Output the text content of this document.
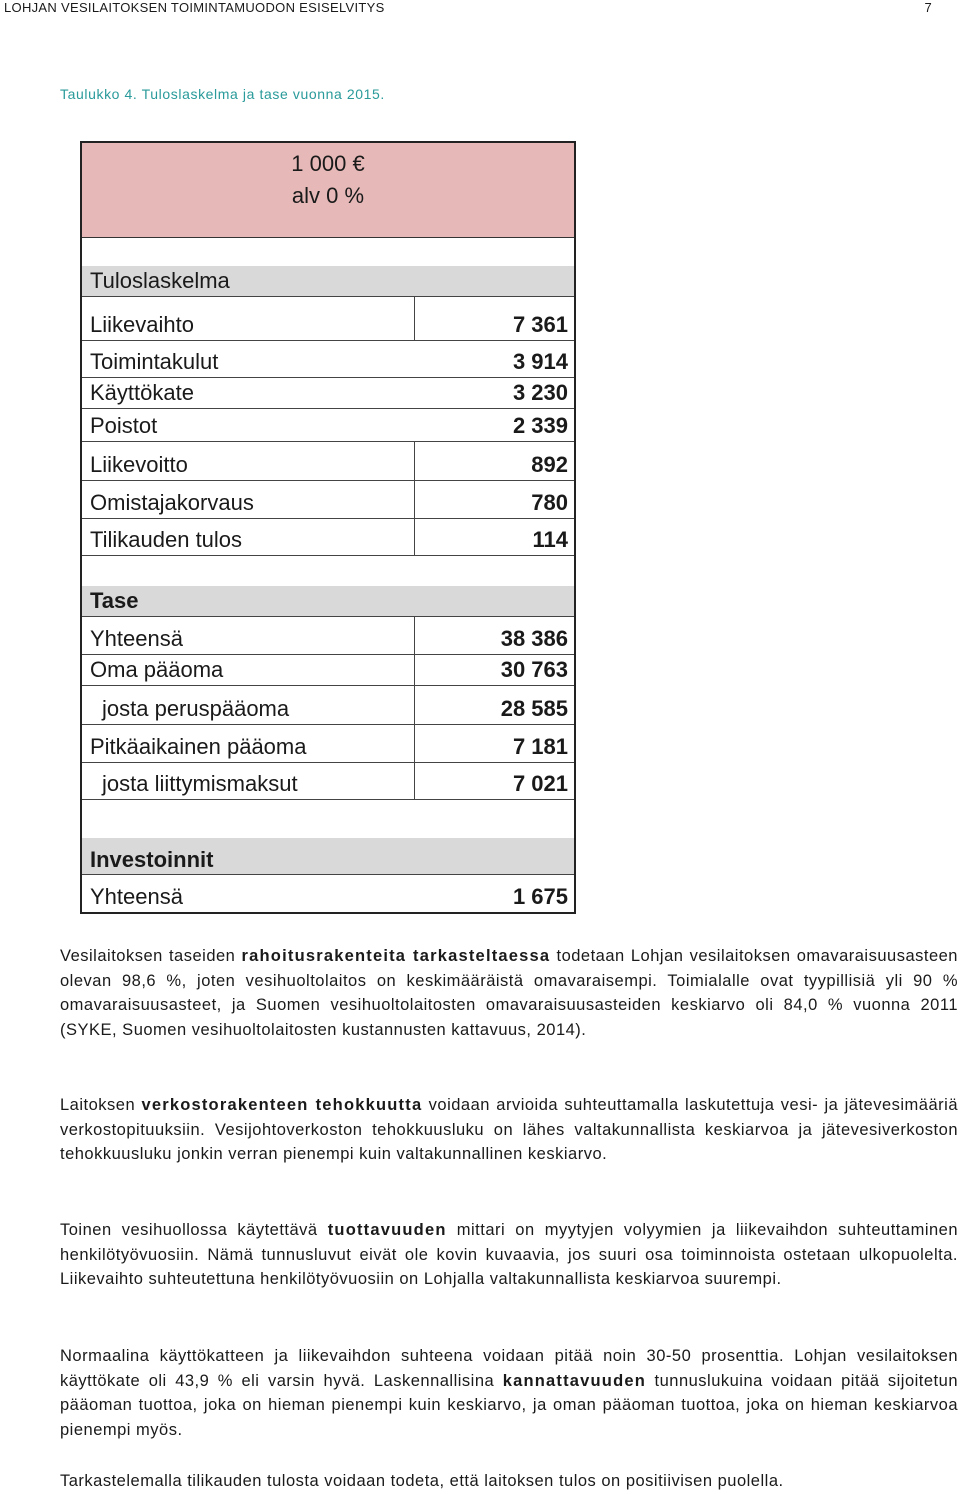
LOHJAN VESILAITOKSEN TOIMINTAMUODON ESISELVITYS	7
Taulukko 4. Tuloslaskelma ja tase vuonna 2015.
1 000 €
alv 0 %
Tuloslaskelma
Liikevaihto	7 361
Toimintakulut	3 914
Käyttökate	3 230
Poistot	2 339
Liikevoitto	892
Omistajakorvaus	780
Tilikauden tulos	114
Tase
Yhteensä	38 386
Oma pääoma	30 763
josta peruspääoma	28 585
Pitkäaikainen pääoma	7 181
josta liittymismaksut	7 021
Investoinnit
Yhteensä	1 675

Vesilaitoksen taseiden rahoitusrakenteita tarkasteltaessa todetaan Lohjan vesilaitoksen omavaraisuusasteen olevan 98,6 %, joten vesihuoltolaitos on keskimääräistä omavaraisempi. Toimialalle ovat tyypillisiä yli 90 % omavaraisuusasteet, ja Suomen vesihuoltolaitosten omavaraisuusasteiden keskiarvo oli 84,0 % vuonna 2011 (SYKE, Suomen vesihuoltolaitosten kustannusten kattavuus, 2014).

Laitoksen verkostorakenteen tehokkuutta voidaan arvioida suhteuttamalla laskutettuja vesi- ja jätevesimääriä verkostopituuksiin. Vesijohtoverkoston tehokkuusluku on lähes valtakunnallista keskiarvoa ja jätevesiverkoston tehokkuusluku jonkin verran pienempi kuin valtakunnallinen keskiarvo.

Toinen vesihuollossa käytettävä tuottavuuden mittari on myytyjen volyymien ja liikevaihdon suhteuttaminen henkilötyövuosiin. Nämä tunnusluvut eivät ole kovin kuvaavia, jos suuri osa toiminnoista ostetaan ulkopuolelta. Liikevaihto suhteutettuna henkilötyövuosiin on Lohjalla valtakunnallista keskiarvoa suurempi.

Normaalina käyttökatteen ja liikevaihdon suhteena voidaan pitää noin 30-50 prosenttia. Lohjan vesilaitoksen käyttökate oli 43,9 % eli varsin hyvä. Laskennallisina kannattavuuden tunnuslukuina voidaan pitää sijoitetun pääoman tuottoa, joka on hieman pienempi kuin keskiarvo, ja oman pääoman tuottoa, joka on hieman keskiarvoa pienempi myös.

Tarkastelemalla tilikauden tulosta voidaan todeta, että laitoksen tulos on positiivisen puolella.
